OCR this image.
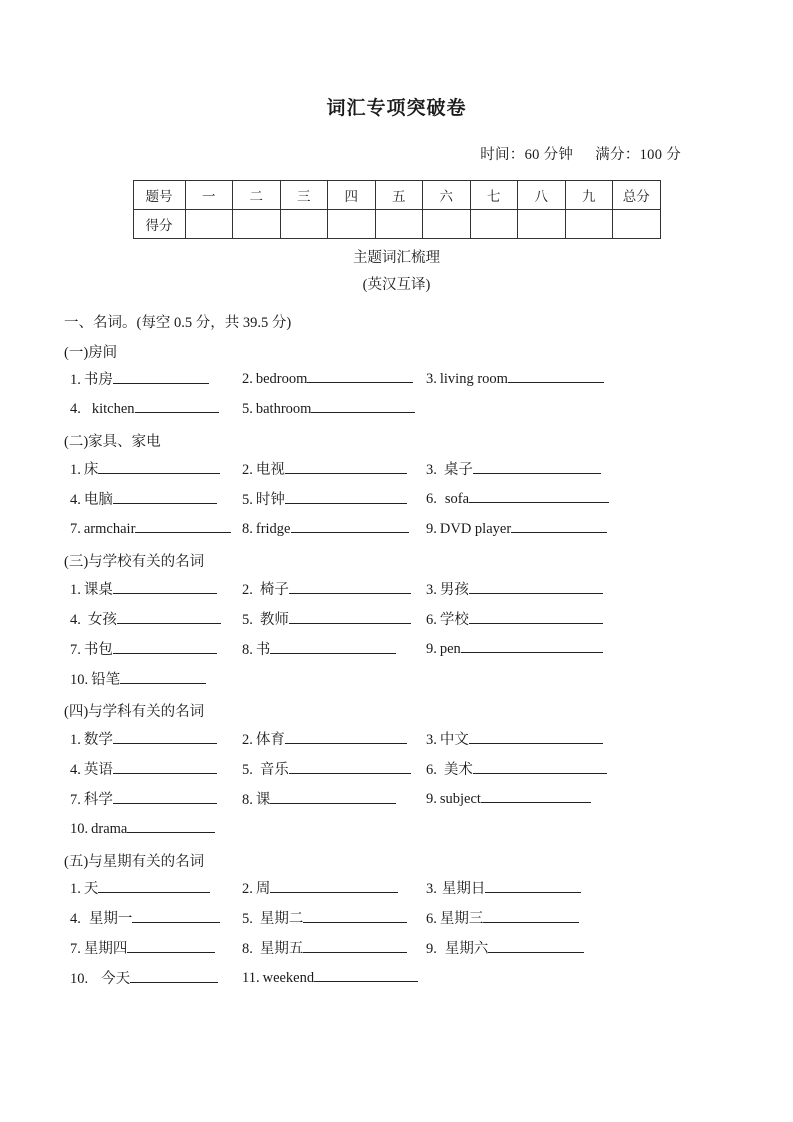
词汇专项突破卷
时间：60 分钟 满分：100 分
题号	一	二	三	四	五	六	七	八	九	总分
得分										

主题词汇梳理

(英汉互译)

一、名词。(每空 0.5 分，共 39.5 分)

(一)房间

1. 书房	2. bedroom	3. living room
4. kitchen	5. bathroom

(二)家具、家电

1. 床	2. 电视	3. 桌子
4. 电脑	5. 时钟	6. sofa
7. armchair	8. fridge	9. DVD player

(三)与学校有关的名词

1. 课桌	2. 椅子	3. 男孩
4. 女孩	5. 教师	6. 学校
7. 书包	8. 书	9. pen
10. 铅笔

(四)与学科有关的名词

1. 数学	2. 体育	3. 中文
4. 英语	5. 音乐	6. 美术
7. 科学	8. 课	9. subject
10. drama

(五)与星期有关的名词

1. 天	2. 周	3. 星期日
4. 星期一	5. 星期二	6. 星期三
7. 星期四	8. 星期五	9. 星期六
10. 今天	11. weekend
